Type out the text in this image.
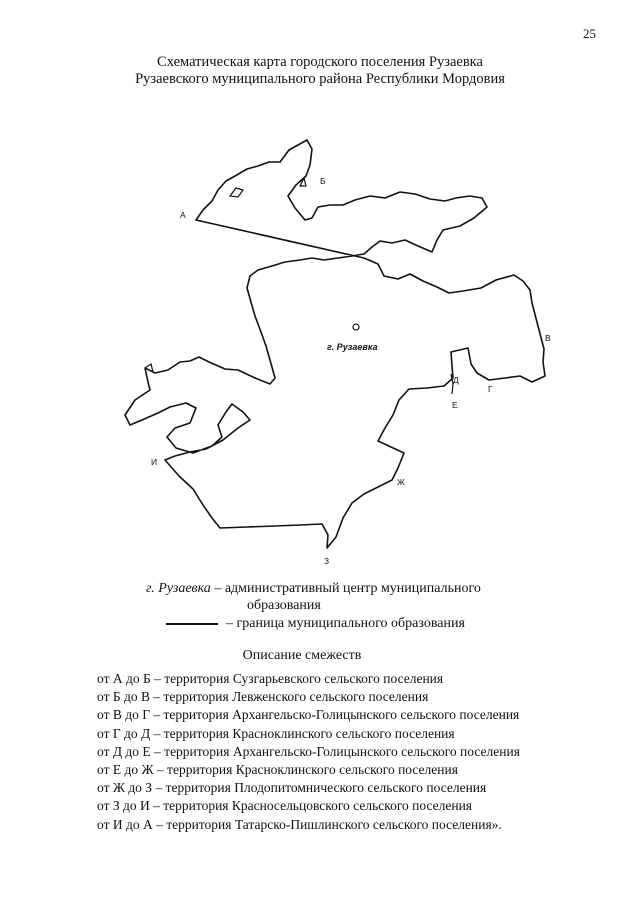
25
Схематическая карта городского поселения Рузаевка
Рузаевского муниципального района Республики Мордовия
г. Рузаевка
А
Б
В
Г
Д
Е
Ж
З
И
г. Рузаевка – административный центр муниципального
образования
– граница муниципального образования
Описание смежеств
от А до Б – территория Сузгарьевского сельского поселения
от Б до В – территория Левженского сельского поселения
от В до Г – территория Архангельско-Голицынского сельского поселения
от Г до Д – территория Красноклинского сельского поселения
от Д до Е – территория Архангельско-Голицынского сельского поселения
от Е до Ж – территория Красноклинского сельского поселения
от Ж до З – территория Плодопитомнического сельского поселения
от З до И – территория Красносельцовского сельского поселения
от И до А – территория Татарско-Пишлинского сельского поселения».
